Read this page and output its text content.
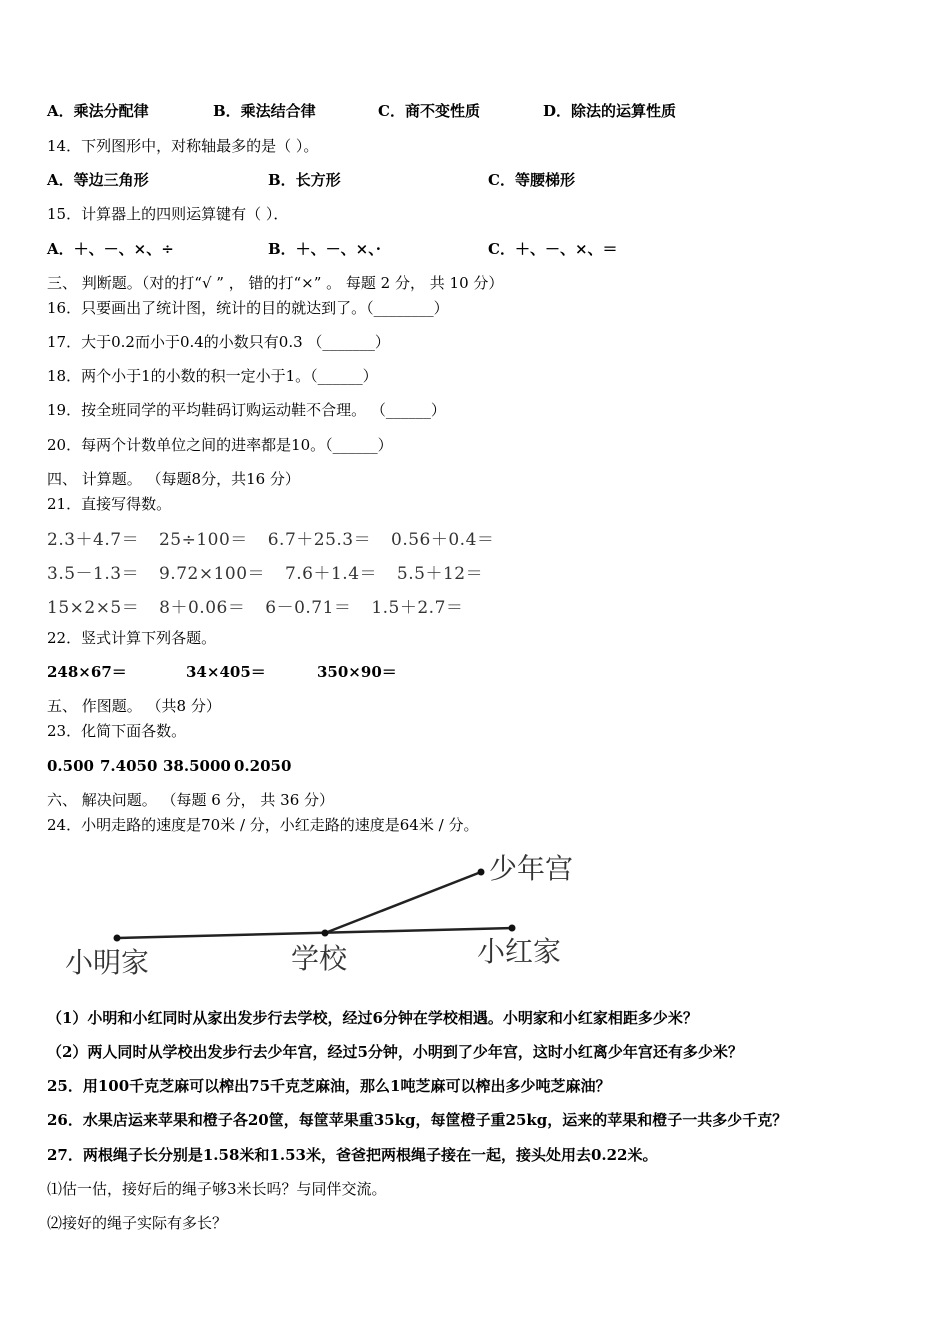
A．乘法分配律	B．乘法结合律	C．商不变性质	D．除法的运算性质
14．下列图形中，对称轴最多的是（ ）。
A．等边三角形	B．长方形	C．等腰梯形
15．计算器上的四则运算键有（ ）．
A．＋、－、×、÷	B．＋、－、×、·	C．＋、－、×、＝
三、 判断题。（对的打“√ ” ， 错的打“×” 。 每题 2 分， 共 10 分）
16．只要画出了统计图，统计的目的就达到了。（________）
17．大于0.2而小于0.4的小数只有0.3 （_______）
18．两个小于1的小数的积一定小于1。（______）
19．按全班同学的平均鞋码订购运动鞋不合理。 （______）
20．每两个计数单位之间的进率都是10。（______）
四、 计算题。 （每题8分，共16 分）
21．直接写得数。
2.3＋4.7＝ 25÷100＝ 6.7＋25.3＝ 0.56＋0.4＝
3.5－1.3＝ 9.72×100＝ 7.6＋1.4＝ 5.5＋12＝
15×2×5＝ 8＋0.06＝ 6－0.71＝ 1.5＋2.7＝
22．竖式计算下列各题。
248×67＝	34×405＝	350×90＝
五、 作图题。 （共8 分）
23．化简下面各数。
0.500 7.4050 38.5000 0.2050
六、 解决问题。 （每题 6 分， 共 36 分）
24．小明走路的速度是70米 / 分，小红走路的速度是64米 / 分。
少年宫
小明家	学校	小红家
（1）小明和小红同时从家出发步行去学校，经过6分钟在学校相遇。小明家和小红家相距多少米？
（2）两人同时从学校出发步行去少年宫，经过5分钟，小明到了少年宫，这时小红离少年宫还有多少米？
25．用100千克芝麻可以榨出75千克芝麻油，那么1吨芝麻可以榨出多少吨芝麻油？
26．水果店运来苹果和橙子各20筐，每筐苹果重35kg，每筐橙子重25kg，运来的苹果和橙子一共多少千克？
27．两根绳子长分别是1.58米和1.53米，爸爸把两根绳子接在一起，接头处用去0.22米。
⑴估一估，接好后的绳子够3米长吗？与同伴交流。
⑵接好的绳子实际有多长？
